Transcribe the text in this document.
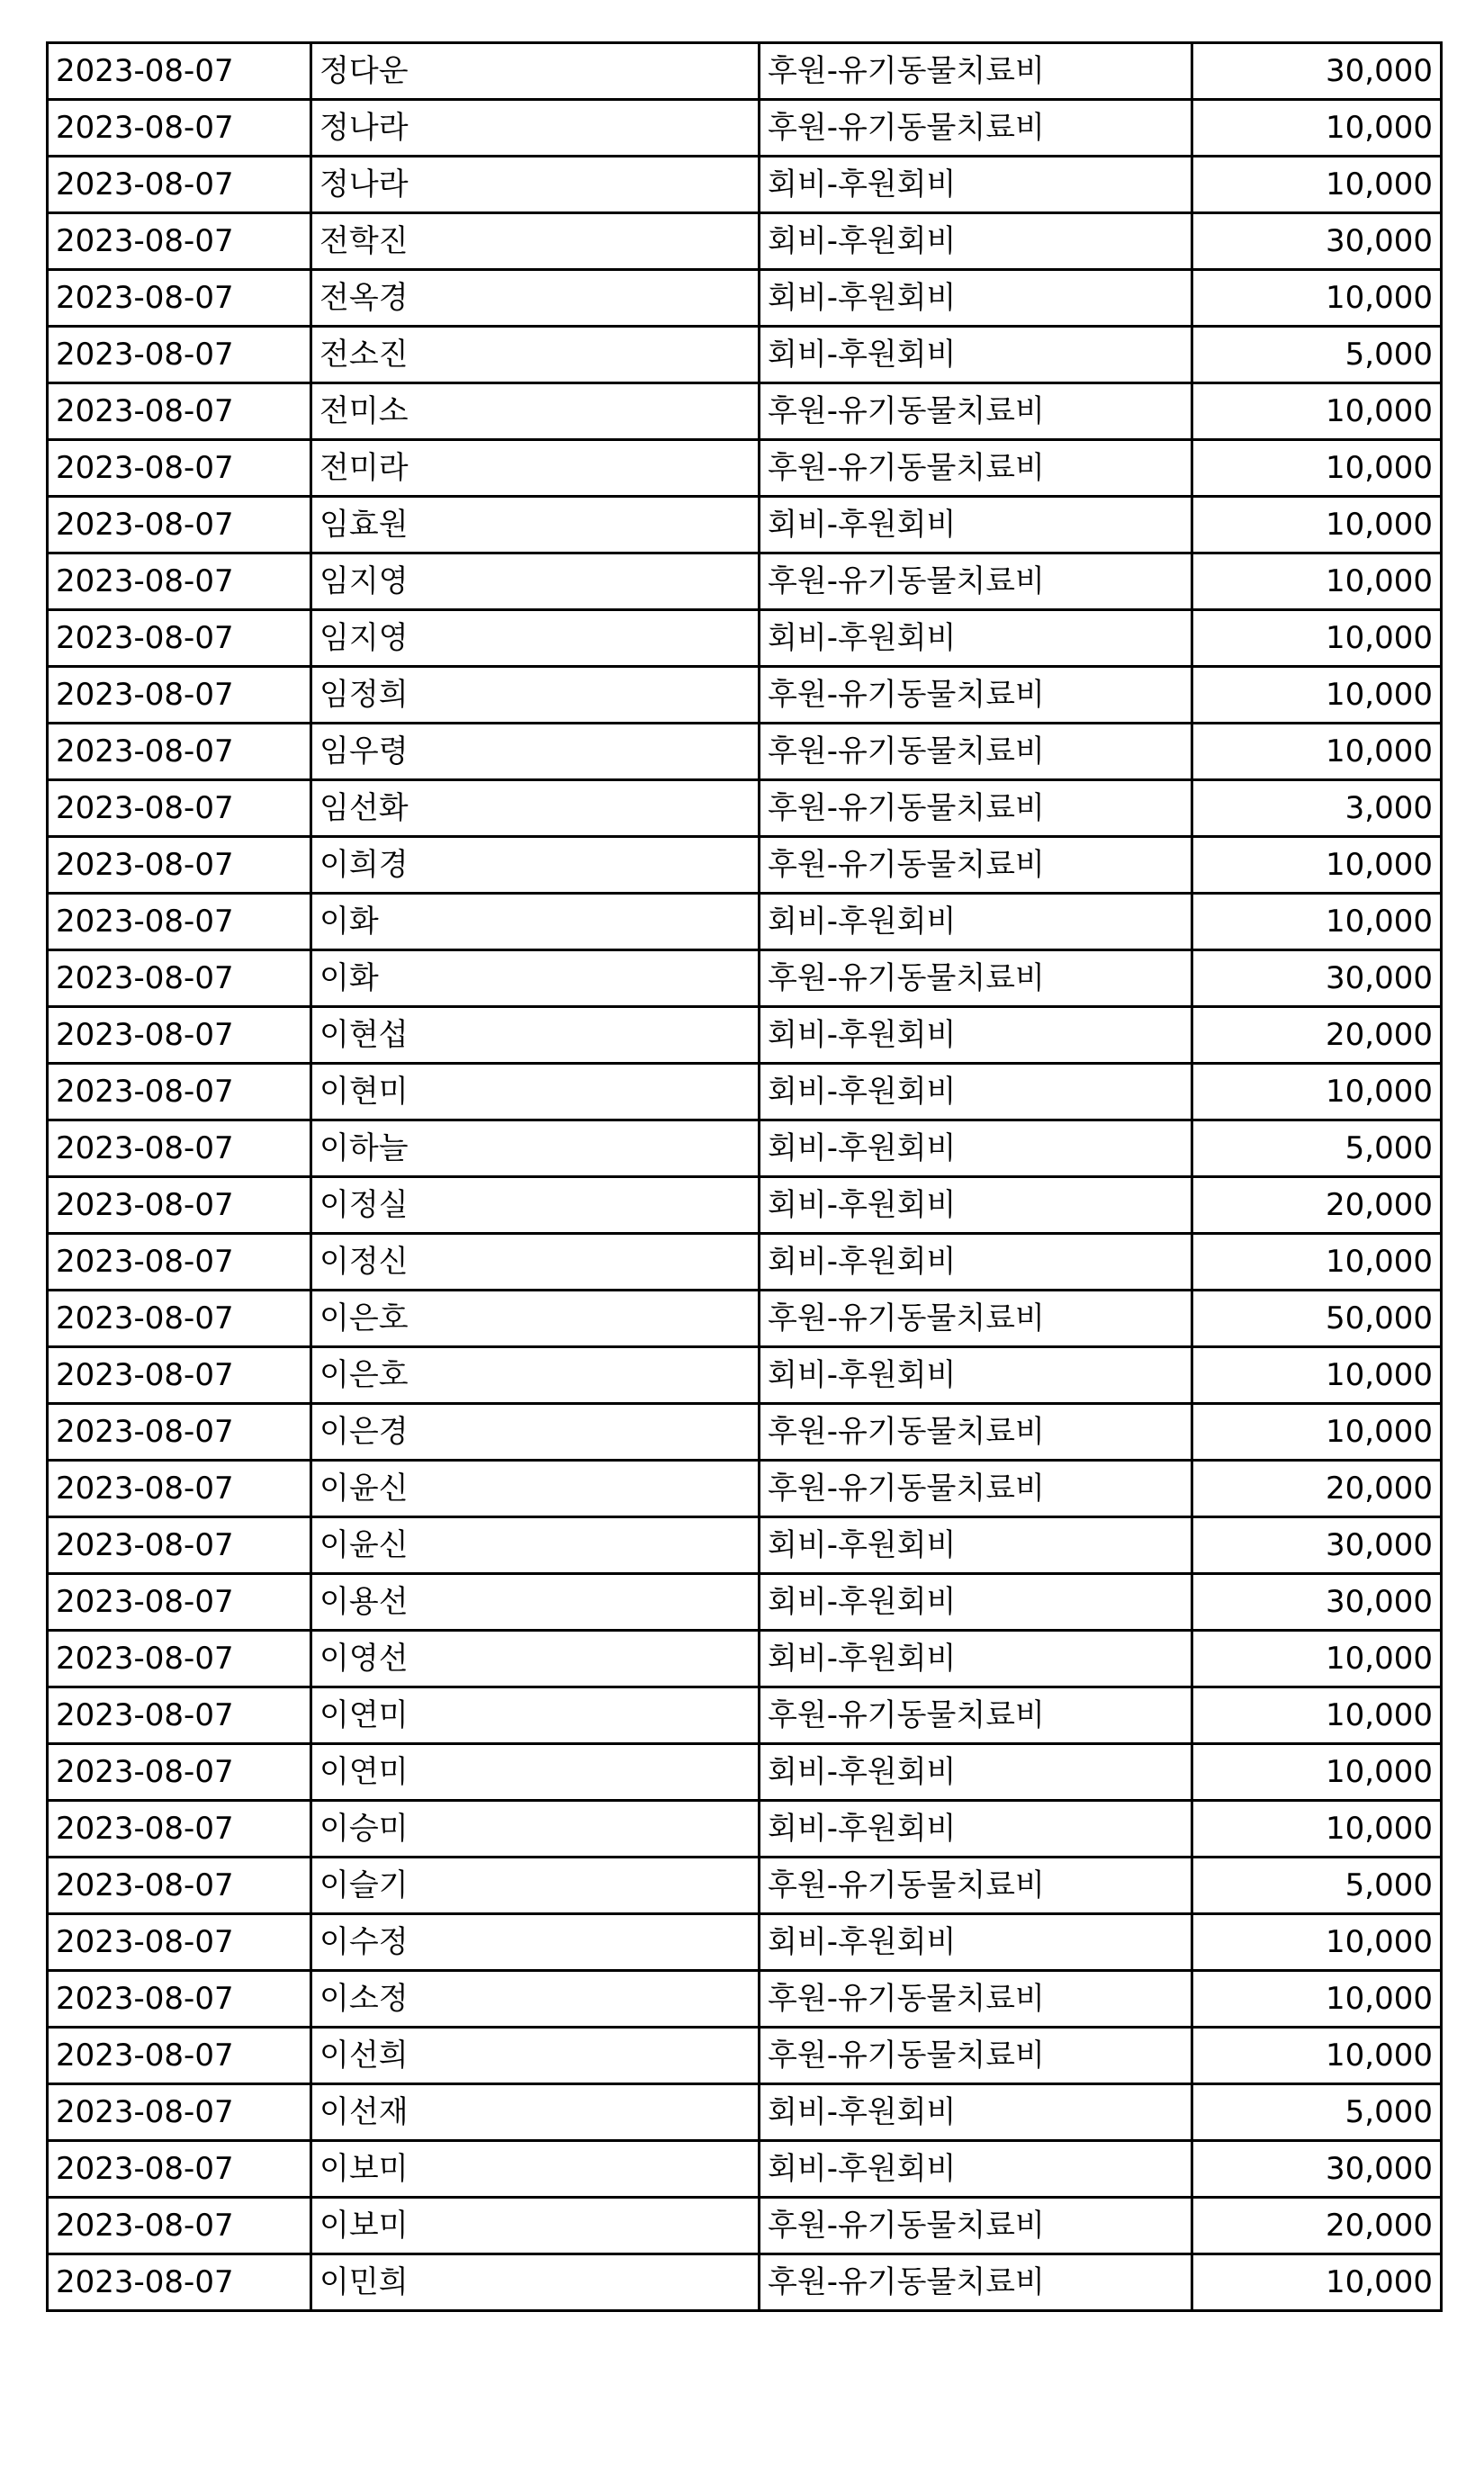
2023-08-07	정다운	후원-유기동물치료비	30,000
2023-08-07	정나라	후원-유기동물치료비	10,000
2023-08-07	정나라	회비-후원회비	10,000
2023-08-07	전학진	회비-후원회비	30,000
2023-08-07	전옥경	회비-후원회비	10,000
2023-08-07	전소진	회비-후원회비	5,000
2023-08-07	전미소	후원-유기동물치료비	10,000
2023-08-07	전미라	후원-유기동물치료비	10,000
2023-08-07	임효원	회비-후원회비	10,000
2023-08-07	임지영	후원-유기동물치료비	10,000
2023-08-07	임지영	회비-후원회비	10,000
2023-08-07	임정희	후원-유기동물치료비	10,000
2023-08-07	임우령	후원-유기동물치료비	10,000
2023-08-07	임선화	후원-유기동물치료비	3,000
2023-08-07	이희경	후원-유기동물치료비	10,000
2023-08-07	이화	회비-후원회비	10,000
2023-08-07	이화	후원-유기동물치료비	30,000
2023-08-07	이현섭	회비-후원회비	20,000
2023-08-07	이현미	회비-후원회비	10,000
2023-08-07	이하늘	회비-후원회비	5,000
2023-08-07	이정실	회비-후원회비	20,000
2023-08-07	이정신	회비-후원회비	10,000
2023-08-07	이은호	후원-유기동물치료비	50,000
2023-08-07	이은호	회비-후원회비	10,000
2023-08-07	이은경	후원-유기동물치료비	10,000
2023-08-07	이윤신	후원-유기동물치료비	20,000
2023-08-07	이윤신	회비-후원회비	30,000
2023-08-07	이용선	회비-후원회비	30,000
2023-08-07	이영선	회비-후원회비	10,000
2023-08-07	이연미	후원-유기동물치료비	10,000
2023-08-07	이연미	회비-후원회비	10,000
2023-08-07	이승미	회비-후원회비	10,000
2023-08-07	이슬기	후원-유기동물치료비	5,000
2023-08-07	이수정	회비-후원회비	10,000
2023-08-07	이소정	후원-유기동물치료비	10,000
2023-08-07	이선희	후원-유기동물치료비	10,000
2023-08-07	이선재	회비-후원회비	5,000
2023-08-07	이보미	회비-후원회비	30,000
2023-08-07	이보미	후원-유기동물치료비	20,000
2023-08-07	이민희	후원-유기동물치료비	10,000
